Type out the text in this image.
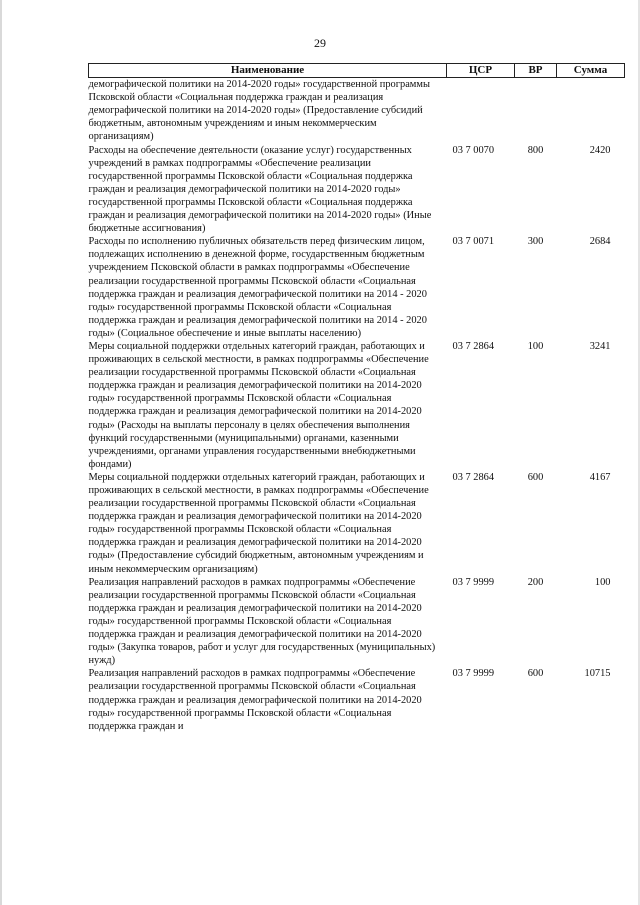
29
Наименование	ЦСР	ВР	Сумма
демографической политики на 2014-2020 годы» государственной программы Псковской области «Социальная поддержка граждан и реализация демографической политики на 2014-2020 годы» (Предоставление субсидий бюджетным, автономным учреждениям и иным некоммерческим организациям)			
Расходы на обеспечение деятельности (оказание услуг) государственных учреждений в рамках подпрограммы «Обеспечение реализации государственной программы Псковской области «Социальная поддержка граждан и реализация демографической политики на 2014-2020 годы» государственной программы Псковской области «Социальная поддержка граждан и реализация демографической политики на 2014-2020 годы» (Иные бюджетные ассигнования)	03 7 0070	800	2420
Расходы по исполнению публичных обязательств перед физическим лицом, подлежащих исполнению в денежной форме, государственным бюджетным учреждением Псковской области в рамках подпрограммы «Обеспечение реализации государственной программы Псковской области «Социальная поддержка граждан и реализация демографической политики на 2014 - 2020 годы» государственной программы Псковской области «Социальная поддержка граждан и реализация демографической политики на 2014 - 2020 годы» (Социальное обеспечение и иные выплаты населению)	03 7 0071	300	2684
Меры социальной поддержки отдельных категорий граждан, работающих и проживающих в сельской местности, в рамках подпрограммы «Обеспечение реализации государственной программы Псковской области «Социальная поддержка граждан и реализация демографической политики на 2014-2020 годы» государственной программы Псковской области «Социальная поддержка граждан и реализация демографической политики на 2014-2020 годы» (Расходы на выплаты персоналу в целях обеспечения выполнения функций государственными (муниципальными) органами, казенными учреждениями, органами управления государственными внебюджетными фондами)	03 7 2864	100	3241
Меры социальной поддержки отдельных категорий граждан, работающих и проживающих в сельской местности, в рамках подпрограммы «Обеспечение реализации государственной программы Псковской области «Социальная поддержка граждан и реализация демографической политики на 2014-2020 годы» государственной программы Псковской области «Социальная поддержка граждан и реализация демографической политики на 2014-2020 годы» (Предоставление субсидий бюджетным, автономным учреждениям и иным некоммерческим организациям)	03 7 2864	600	4167
Реализация направлений расходов в рамках подпрограммы «Обеспечение реализации государственной программы Псковской области «Социальная поддержка граждан и реализация демографической политики на 2014-2020 годы» государственной программы Псковской области «Социальная поддержка граждан и реализация демографической политики на 2014-2020 годы» (Закупка товаров, работ и услуг для государственных (муниципальных) нужд)	03 7 9999	200	100
Реализация направлений расходов в рамках подпрограммы «Обеспечение реализации государственной программы Псковской области «Социальная поддержка граждан и реализация демографической политики на 2014-2020 годы» государственной программы Псковской области «Социальная поддержка граждан и	03 7 9999	600	10715
